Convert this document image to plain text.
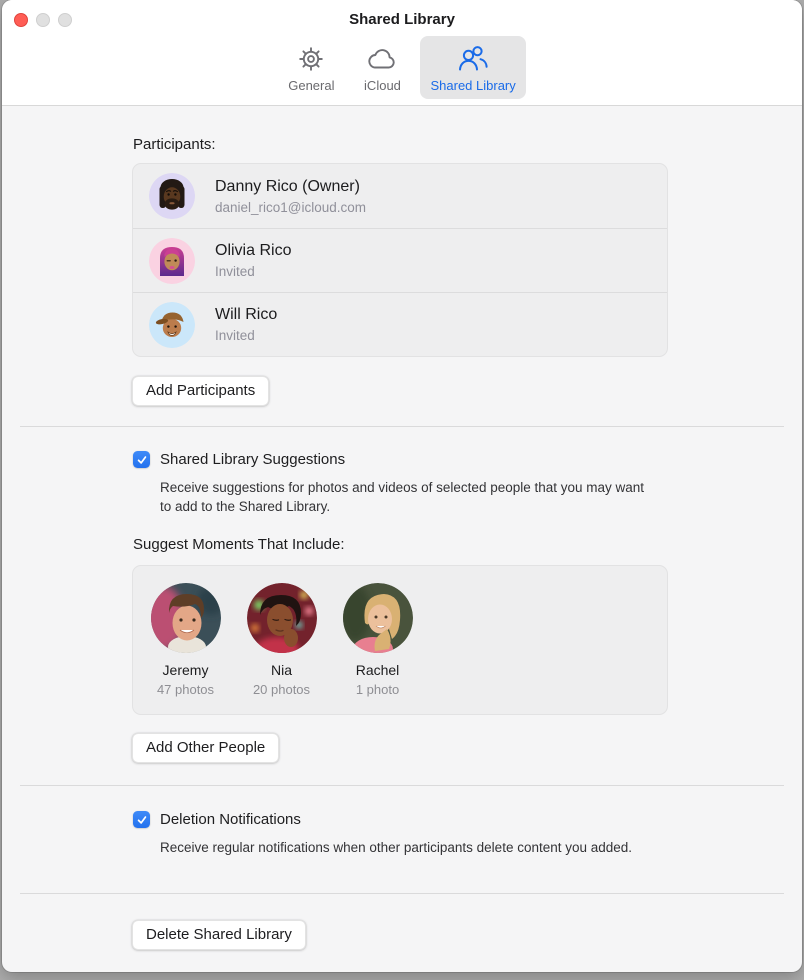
Shared Library
General iCloud Shared Library
Participants:
Danny Rico (Owner)
daniel_rico1@icloud.com
Olivia Rico
Invited
Will Rico
Invited
Add Participants
Shared Library Suggestions
Receive suggestions for photos and videos of selected people that you may want to add to the Shared Library.
Suggest Moments That Include:
Jeremy
47 photos
Nia
20 photos
Rachel
1 photo
Add Other People
Deletion Notifications
Receive regular notifications when other participants delete content you added.
Delete Shared Library
